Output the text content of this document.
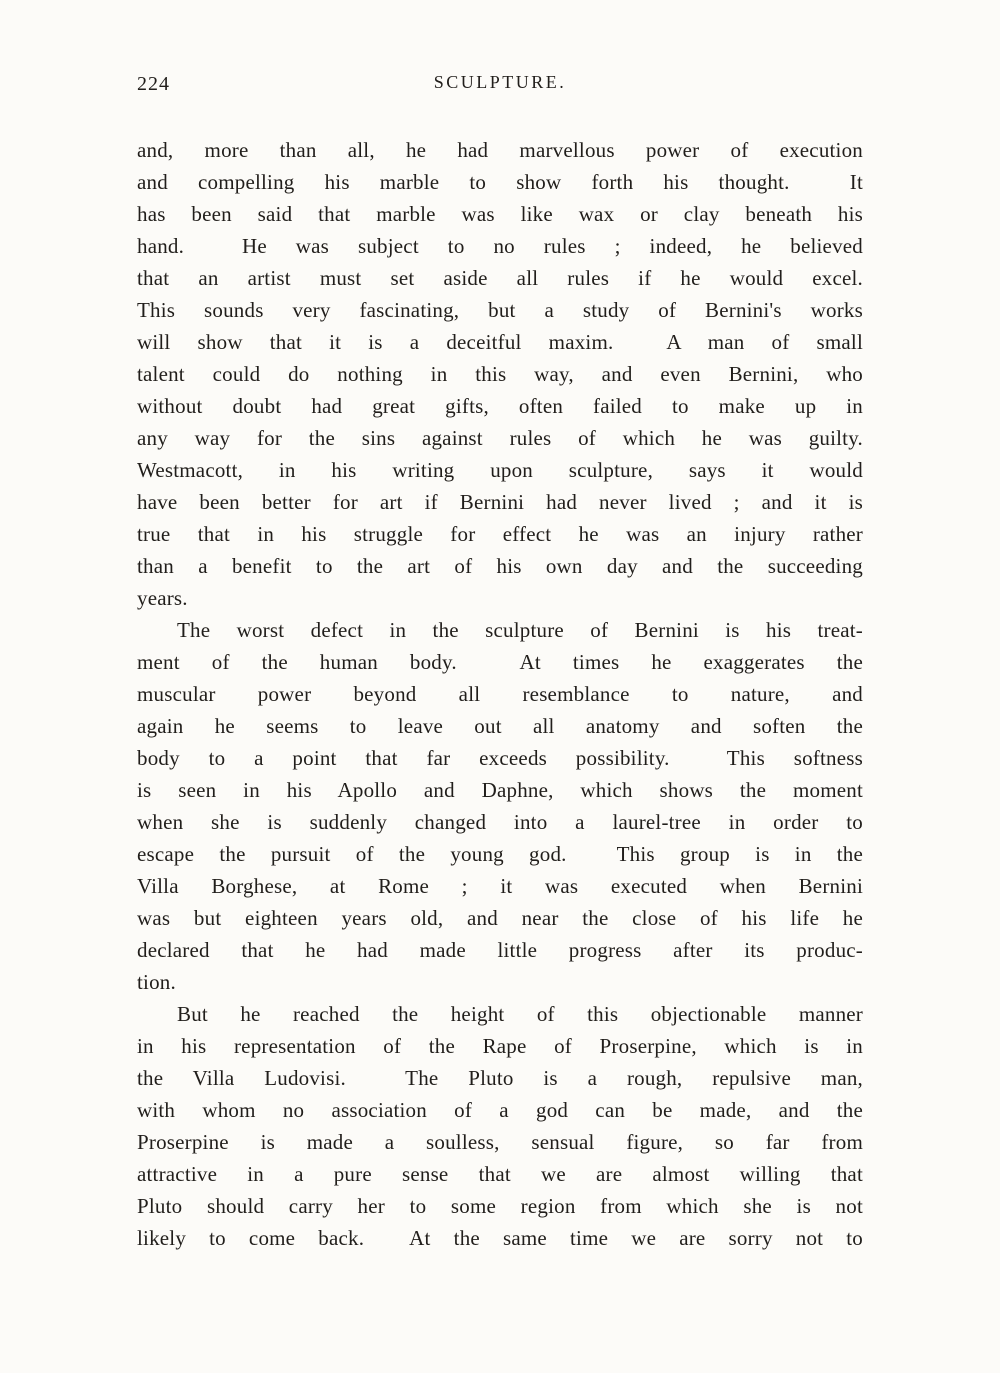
224	SCULPTURE.
and, more than all, he had marvellous power of execution
and compelling his marble to show forth his thought.  It
has been said that marble was like wax or clay beneath his
hand.  He was subject to no rules ; indeed, he believed
that an artist must set aside all rules if he would excel.
This sounds very fascinating, but a study of Bernini's works
will show that it is a deceitful maxim.  A man of small
talent could do nothing in this way, and even Bernini, who
without doubt had great gifts, often failed to make up in
any way for the sins against rules of which he was guilty.
Westmacott, in his writing upon sculpture, says it would
have been better for art if Bernini had never lived ; and it is
true that in his struggle for effect he was an injury rather
than a benefit to the art of his own day and the succeeding
years.
The worst defect in the sculpture of Bernini is his treat-
ment of the human body.  At times he exaggerates the
muscular power beyond all resemblance to nature, and
again he seems to leave out all anatomy and soften the
body to a point that far exceeds possibility.  This softness
is seen in his Apollo and Daphne, which shows the moment
when she is suddenly changed into a laurel-tree in order to
escape the pursuit of the young god.  This group is in the
Villa Borghese, at Rome ; it was executed when Bernini
was but eighteen years old, and near the close of his life he
declared that he had made little progress after its produc-
tion.
But he reached the height of this objectionable manner
in his representation of the Rape of Proserpine, which is in
the Villa Ludovisi.  The Pluto is a rough, repulsive man,
with whom no association of a god can be made, and the
Proserpine is made a soulless, sensual figure, so far from
attractive in a pure sense that we are almost willing that
Pluto should carry her to some region from which she is not
likely to come back.  At the same time we are sorry not to
